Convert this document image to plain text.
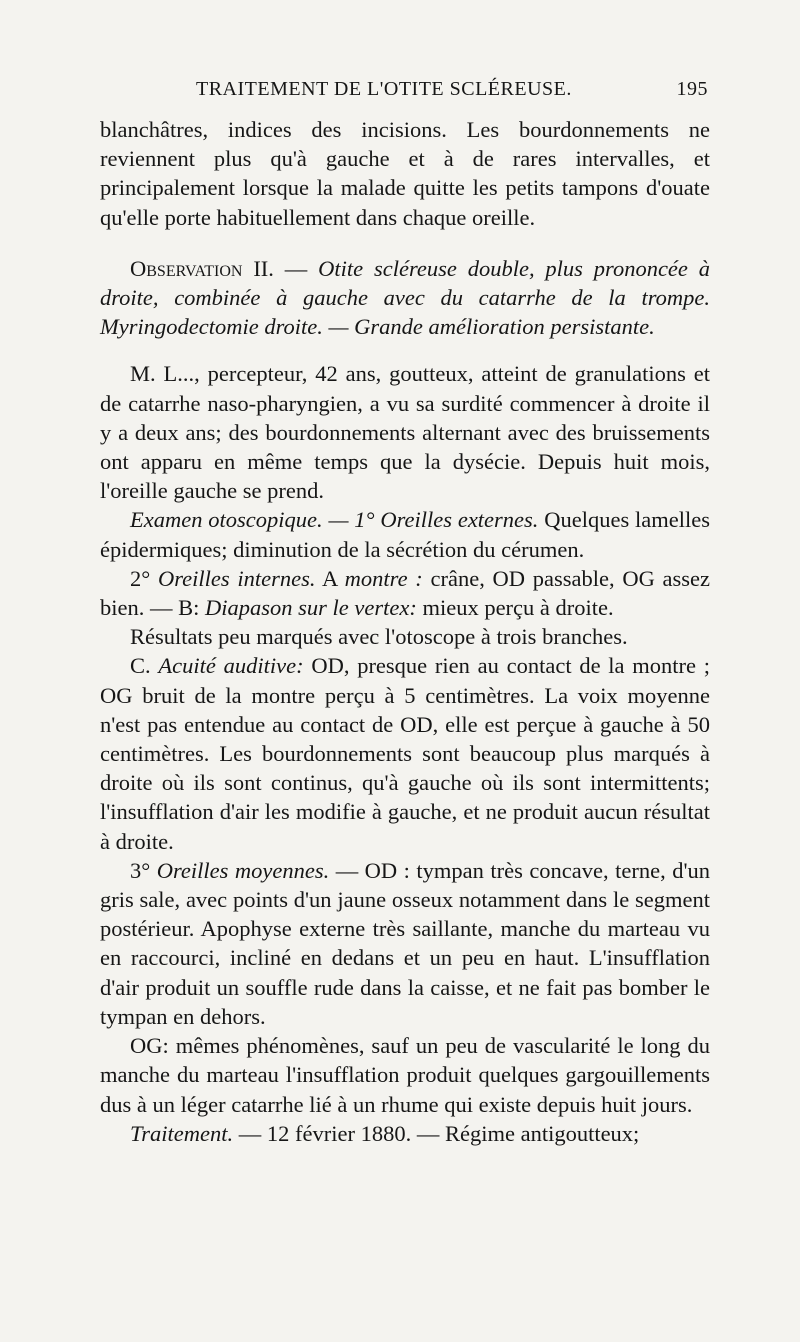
TRAITEMENT DE L'OTITE SCLÉREUSE.	195

blanchâtres, indices des incisions. Les bourdonnements ne reviennent plus qu'à gauche et à de rares intervalles, et principalement lorsque la malade quitte les petits tampons d'ouate qu'elle porte habituellement dans chaque oreille.

Observation II. — Otite scléreuse double, plus prononcée à droite, combinée à gauche avec du catarrhe de la trompe. Myringodectomie droite. — Grande amélioration persistante.

M. L..., percepteur, 42 ans, goutteux, atteint de granulations et de catarrhe naso-pharyngien, a vu sa surdité commencer à droite il y a deux ans; des bourdonnements alternant avec des bruissements ont apparu en même temps que la dysécie. Depuis huit mois, l'oreille gauche se prend.

Examen otoscopique. — 1° Oreilles externes. Quelques lamelles épidermiques; diminution de la sécrétion du cérumen.

2° Oreilles internes. A montre : crâne, OD passable, OG assez bien. — B: Diapason sur le vertex: mieux perçu à droite.

Résultats peu marqués avec l'otoscope à trois branches.

C. Acuité auditive: OD, presque rien au contact de la montre ; OG bruit de la montre perçu à 5 centimètres. La voix moyenne n'est pas entendue au contact de OD, elle est perçue à gauche à 50 centimètres. Les bourdonnements sont beaucoup plus marqués à droite où ils sont continus, qu'à gauche où ils sont intermittents; l'insufflation d'air les modifie à gauche, et ne produit aucun résultat à droite.

3° Oreilles moyennes. — OD : tympan très concave, terne, d'un gris sale, avec points d'un jaune osseux notamment dans le segment postérieur. Apophyse externe très saillante, manche du marteau vu en raccourci, incliné en dedans et un peu en haut. L'insufflation d'air produit un souffle rude dans la caisse, et ne fait pas bomber le tympan en dehors.

OG: mêmes phénomènes, sauf un peu de vascularité le long du manche du marteau l'insufflation produit quelques gargouillements dus à un léger catarrhe lié à un rhume qui existe depuis huit jours.

Traitement. — 12 février 1880. — Régime antigoutteux;
